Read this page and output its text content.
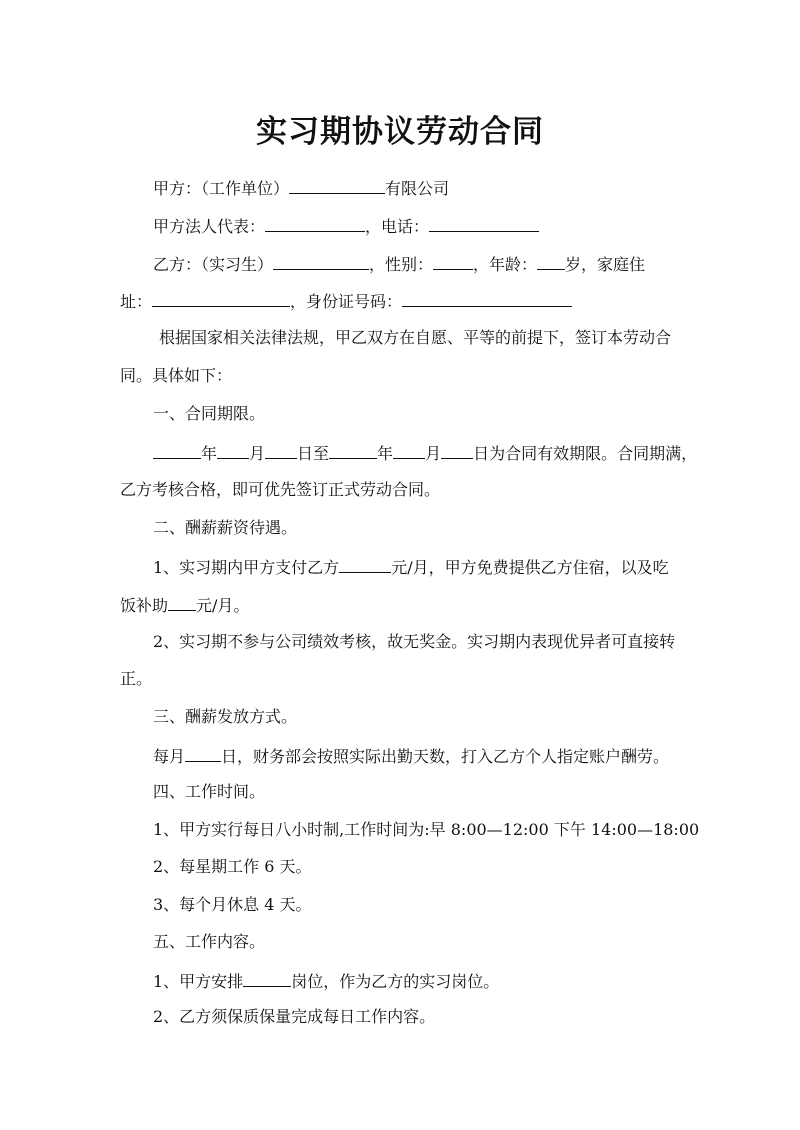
实习期协议劳动合同
甲方：（工作单位）	有限公司
甲方法人代表：	，电话：
乙方：（实习生）	，性别：	，年龄： 岁，家庭住
址：	，身份证号码：
根据国家相关法律法规，甲乙双方在自愿、平等的前提下，签订本劳动合
同。具体如下：
一、合同期限。
年 月 日至	年 月 日为合同有效期限。合同期满，
乙方考核合格，即可优先签订正式劳动合同。
二、酬薪薪资待遇。
1、实习期内甲方支付乙方	元/月，甲方免费提供乙方住宿，以及吃
饭补助 元/月。
2、实习期不参与公司绩效考核，故无奖金。实习期内表现优异者可直接转
正。
三、酬薪发放方式。
每月 日，财务部会按照实际出勤天数，打入乙方个人指定账户酬劳。
四、工作时间。
1、甲方实行每日八小时制,工作时间为:早 8:00—12:00 下午 14:00—18:00
2、每星期工作 6 天。
3、每个月休息 4 天。
五、工作内容。
1、甲方安排	岗位，作为乙方的实习岗位。
2、乙方须保质保量完成每日工作内容。
